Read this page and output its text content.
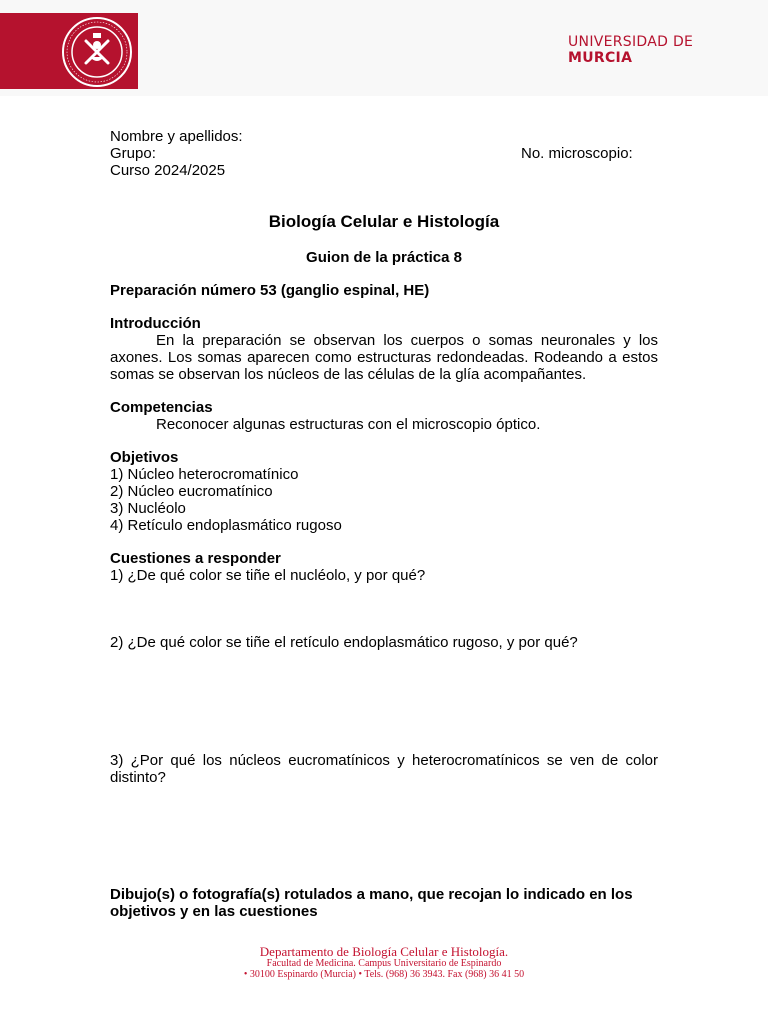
UNIVERSIDAD DE
MURCIA
Nombre y apellidos:
Grupo:	No. microscopio:
Curso 2024/2025
Biología Celular e Histología
Guion de la práctica 8
Preparación número 53 (ganglio espinal, HE)
Introducción
En la preparación se observan los cuerpos o somas neuronales y los axones. Los somas aparecen como estructuras redondeadas. Rodeando a estos somas se observan los núcleos de las células de la glía acompañantes.
Competencias
Reconocer algunas estructuras con el microscopio óptico.
Objetivos
1) Núcleo heterocromatínico
2) Núcleo eucromatínico
3) Nucléolo
4) Retículo endoplasmático rugoso
Cuestiones a responder
1) ¿De qué color se tiñe el nucléolo, y por qué?
2) ¿De qué color se tiñe el retículo endoplasmático rugoso, y por qué?
3) ¿Por qué los núcleos eucromatínicos y heterocromatínicos se ven de color distinto?
Dibujo(s) o fotografía(s) rotulados a mano, que recojan lo indicado en los objetivos y en las cuestiones
Departamento de Biología Celular e Histología.
Facultad de Medicina. Campus Universitario de Espinardo
• 30100 Espinardo (Murcia) • Tels. (968) 36 3943. Fax (968) 36 41 50
